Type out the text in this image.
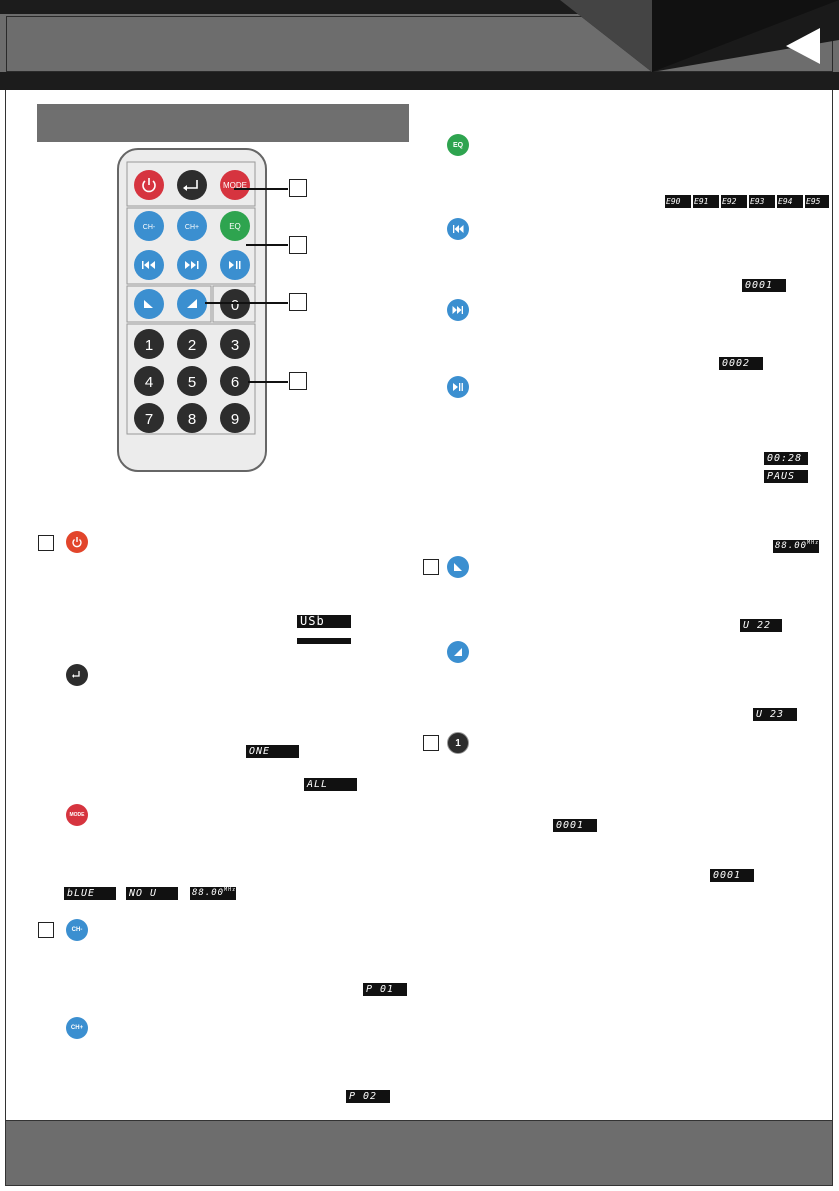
MODE
CH-	CH+	EQ
0
1 2 3
4 5 6
7 8 9
USb
ONE
ALL
MODE
bLUE	NO U	$88.00^{MHz}$
CH-
P 01
CH+
P 02
EQ
E90	E91	E92	E93	E94	E95
0001
0002
00:28
PAUS
$88.00^{MHz}$
U 22
U 23
1
0001
0001
